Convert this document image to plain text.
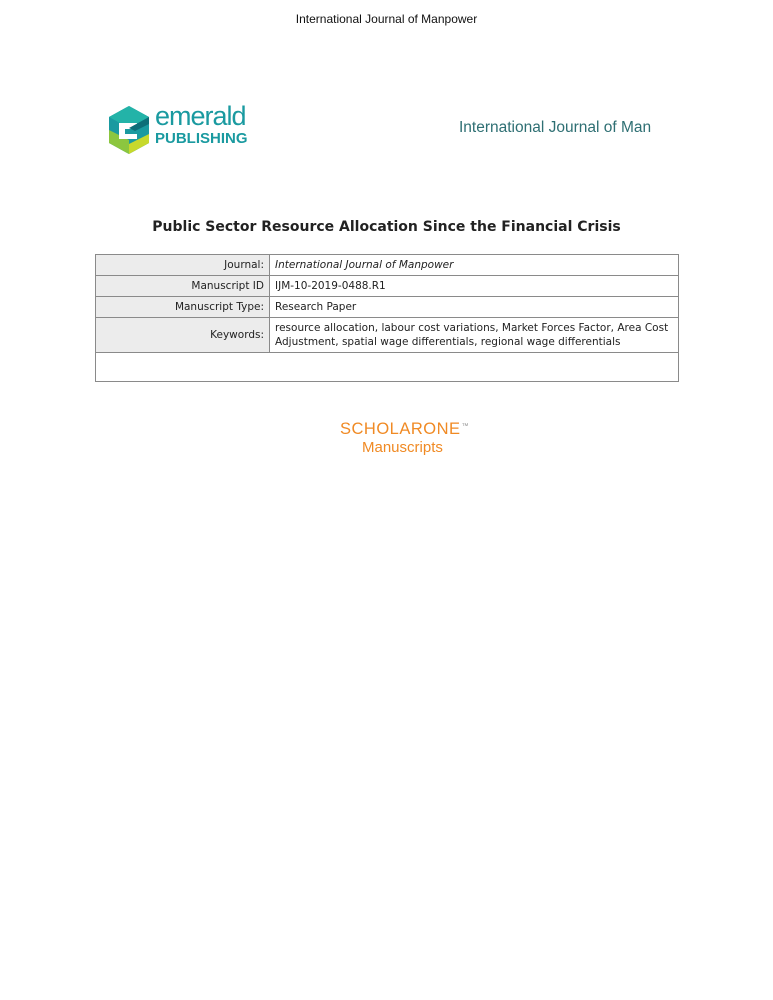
International Journal of Manpower
emerald
PUBLISHING
International Journal of Man
Public Sector Resource Allocation Since the Financial Crisis
Journal:	International Journal of Manpower
Manuscript ID	IJM-10-2019-0488.R1
Manuscript Type:	Research Paper
Keywords:	resource allocation, labour cost variations, Market Forces Factor, Area Cost Adjustment, spatial wage differentials, regional wage differentials

SCHOLARONE™
Manuscripts
